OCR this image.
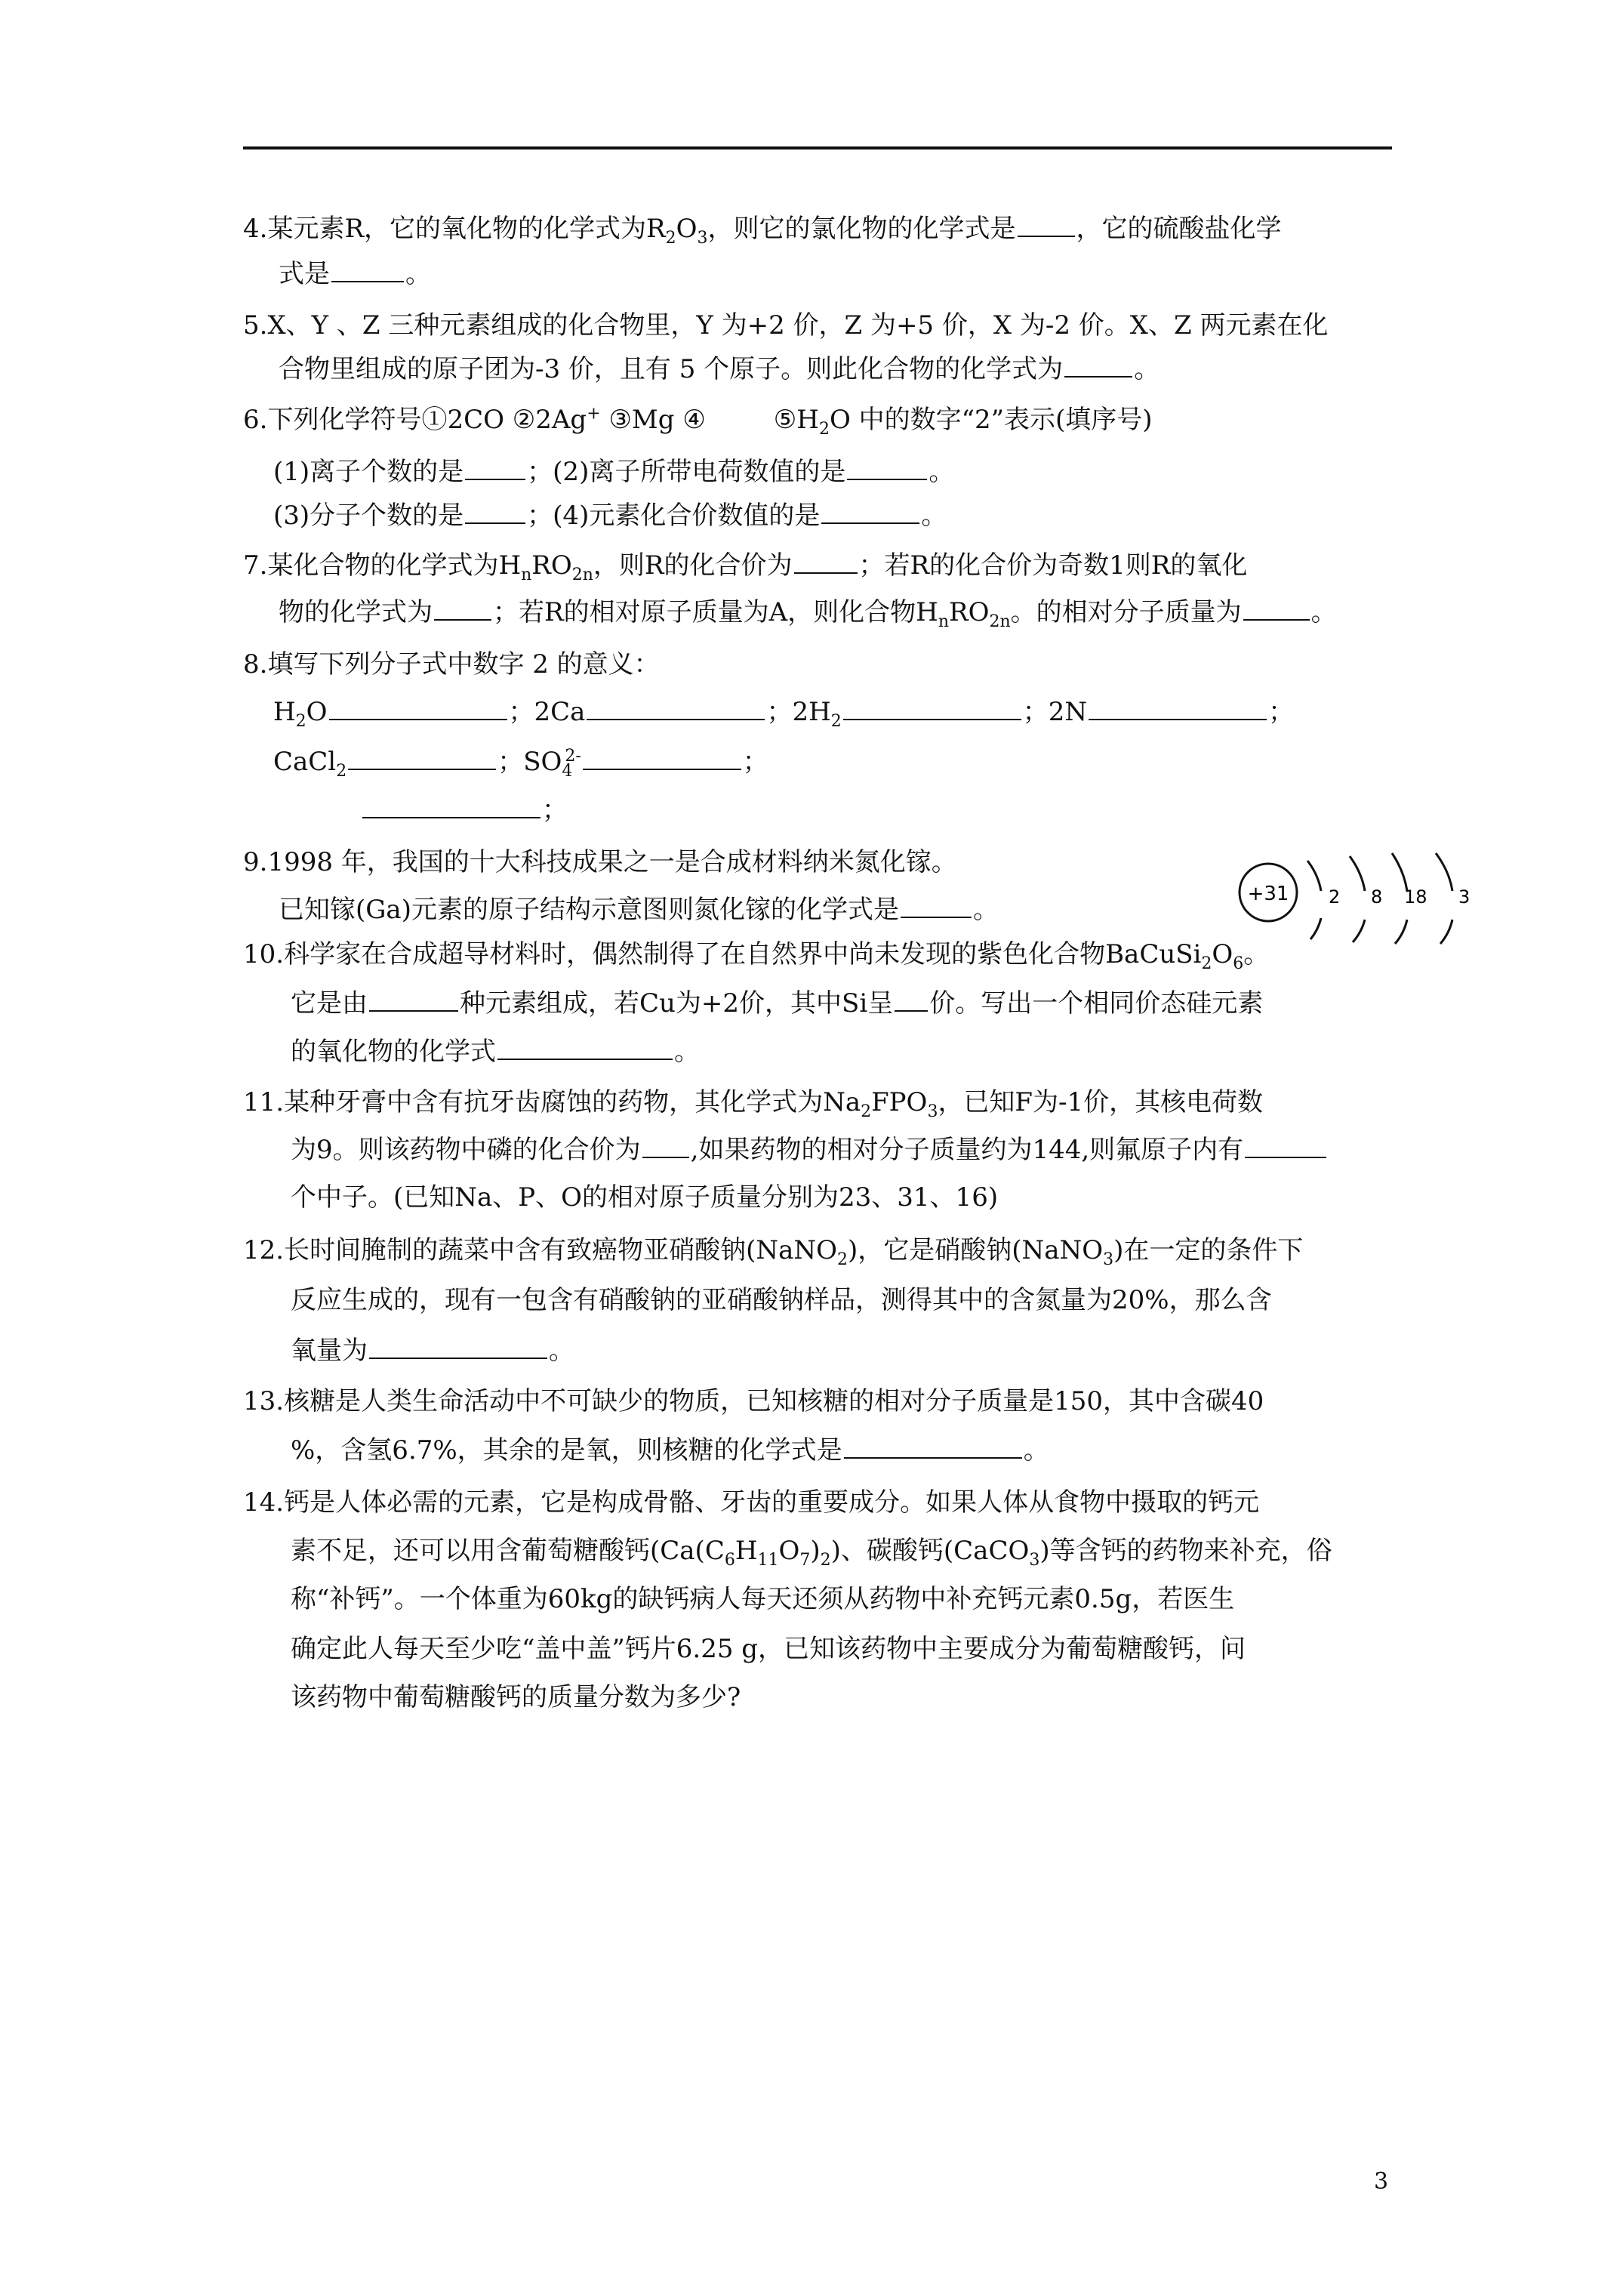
4.某元素R，它的氧化物的化学式为$R_2O_3$，则它的氯化物的化学式是 ，它的硫酸盐化学
式是	。
5.X、Y 、Z 三种元素组成的化合物里，Y 为+2 价，Z 为+5 价，X 为-2 价。X、Z 两元素在化
合物里组成的原子团为-3 价，且有 5 个原子。则此化合物的化学式为	。
6.下列化学符号①2CO ②2Ag+ ③Mg ④	$⑤H_2O$ 中的数字“2”表示(填序号)
(1)离子个数的是 ；(2)离子所带电荷数值的是	。
(3)分子个数的是 ；(4)元素化合价数值的是	。
7.某化合物的化学式为$H_nRO_{2n}$，则R的化合价为	；若R的化合价为奇数1则R的氧化
物的化学式为 ；若R的相对原子质量为A，则化合物$H_nRO_{2n}$。的相对分子质量为	。
8.填写下列分子式中数字 2 的意义：
$H_2O$	；2Ca	；$2H_2$	；2N	；
CaCl$_2$	；$SO_4^{2-}$	；
；
9.1998 年，我国的十大科技成果之一是合成材料纳米氮化镓。
已知镓(Ga)元素的原子结构示意图则氮化镓的化学式是	。
+31 2 8 18 3
10.科学家在合成超导材料时，偶然制得了在自然界中尚未发现的紫色化合物$BaCuSi_2O_6$。
它是由	种元素组成，若Cu为+2价，其中Si呈 价。写出一个相同价态硅元素
的氧化物的化学式	。
11.某种牙膏中含有抗牙齿腐蚀的药物，其化学式为$Na_2FPO_3$，已知F为-1价，其核电荷数
为9。则该药物中磷的化合价为 ,如果药物的相对分子质量约为144,则氟原子内有
个中子。(已知Na、P、O的相对原子质量分别为23、31、16)
12.长时间腌制的蔬菜中含有致癌物亚硝酸钠(NaNO$_2$)，它是硝酸钠(NaNO$_3$)在一定的条件下
反应生成的，现有一包含有硝酸钠的亚硝酸钠样品，测得其中的含氮量为20%，那么含
氧量为	。
13.核糖是人类生命活动中不可缺少的物质，已知核糖的相对分子质量是150，其中含碳40
%，含氢6.7%，其余的是氧，则核糖的化学式是	。
14.钙是人体必需的元素，它是构成骨骼、牙齿的重要成分。如果人体从食物中摄取的钙元
素不足，还可以用含葡萄糖酸钙$(Ca(C_6H_{11}O_7)_2)$、碳酸钙(CaCO$_3$)等含钙的药物来补充，俗
称“补钙”。一个体重为60kg的缺钙病人每天还须从药物中补充钙元素0.5g，若医生
确定此人每天至少吃“盖中盖”钙片6.25 g，已知该药物中主要成分为葡萄糖酸钙，问
该药物中葡萄糖酸钙的质量分数为多少?
3
